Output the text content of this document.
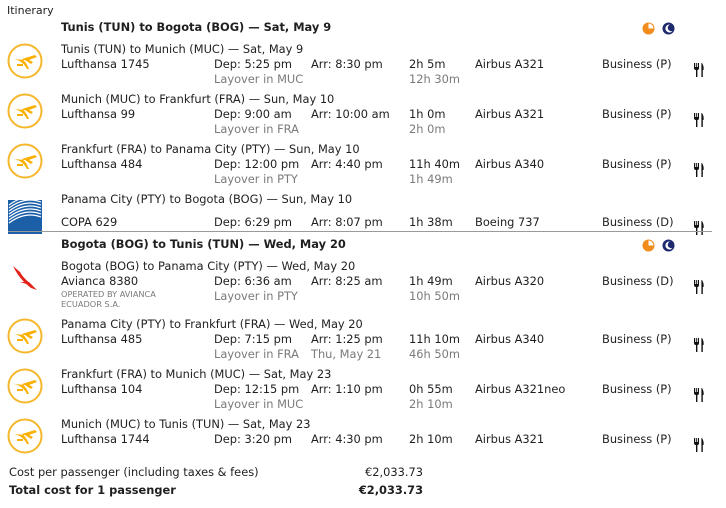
Itinerary
Tunis (TUN) to Bogota (BOG) — Sat, May 9
Tunis (TUN) to Munich (MUC) — Sat, May 9
Lufthansa 1745	Dep: 5:25 pm Arr: 8:30 pm 2h 5m	Airbus A321	Business (P)
Layover in MUC	12h 30m
Munich (MUC) to Frankfurt (FRA) — Sun, May 10
Lufthansa 99	Dep: 9:00 am Arr: 10:00 am 1h 0m	Airbus A321	Business (P)
Layover in FRA	2h 0m
Frankfurt (FRA) to Panama City (PTY) — Sun, May 10
Lufthansa 484	Dep: 12:00 pm Arr: 4:40 pm 11h 40m Airbus A340	Business (P)
Layover in PTY	1h 49m
Panama City (PTY) to Bogota (BOG) — Sun, May 10
COPA 629	Dep: 6:29 pm Arr: 8:07 pm 1h 38m Boeing 737	Business (D)
Bogota (BOG) to Tunis (TUN) — Wed, May 20
Bogota (BOG) to Panama City (PTY) — Wed, May 20
Avianca 8380	Dep: 6:36 am Arr: 8:25 am 1h 49m Airbus A320	Business (D)
OPERATED BY AVIANCA ECUADOR S.A.
Layover in PTY	10h 50m
Panama City (PTY) to Frankfurt (FRA) — Wed, May 20
Lufthansa 485	Dep: 7:15 pm Arr: 1:25 pm 11h 10m Airbus A340	Business (P)
Layover in FRA Thu, May 21 46h 50m
Frankfurt (FRA) to Munich (MUC) — Sat, May 23
Lufthansa 104	Dep: 12:15 pm Arr: 1:10 pm 0h 55m Airbus A321neo	Business (P)
Layover in MUC	2h 10m
Munich (MUC) to Tunis (TUN) — Sat, May 23
Lufthansa 1744	Dep: 3:20 pm Arr: 4:30 pm 2h 10m Airbus A321	Business (P)
Cost per passenger (including taxes & fees)	€2,033.73
Total cost for 1 passenger	€2,033.73
